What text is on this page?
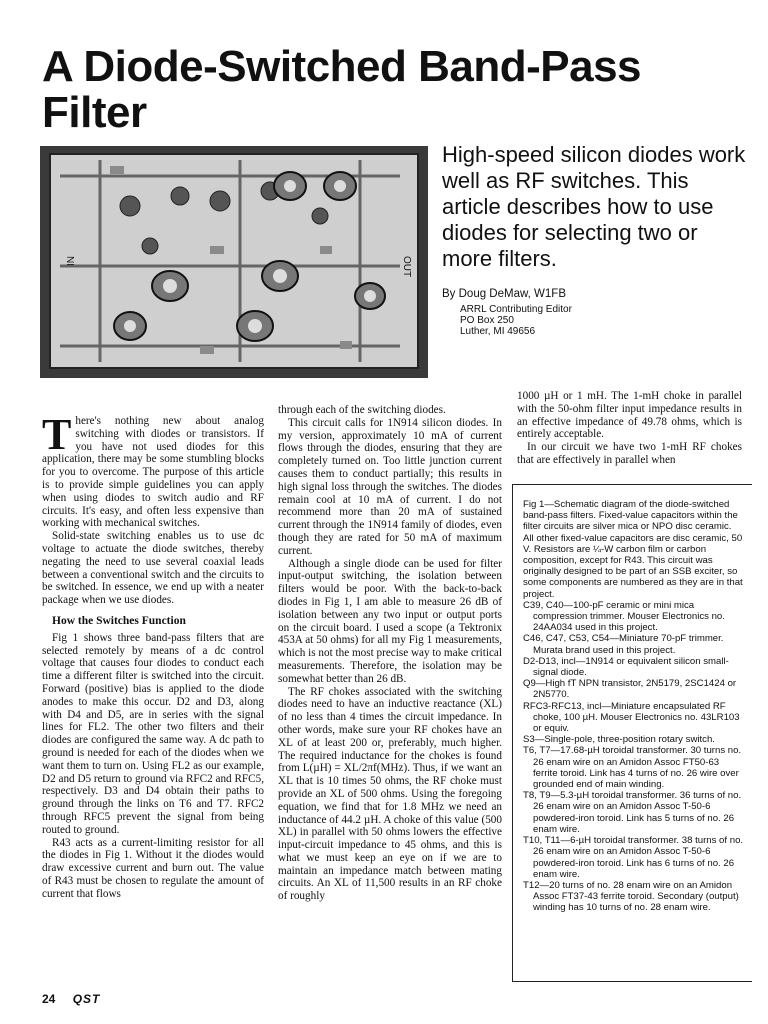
A Diode-Switched Band-Pass Filter
IN	OUT
High-speed silicon diodes work well as RF switches. This article describes how to use diodes for selecting two or more filters.
By Doug DeMaw, W1FB
ARRL Contributing Editor
PO Box 250
Luther, MI 49656

There's nothing new about analog switching with diodes or transistors. If you have not used diodes for this application, there may be some stumbling blocks for you to overcome. The purpose of this article is to provide simple guidelines you can apply when using diodes to switch audio and RF circuits. It's easy, and often less expensive than working with mechanical switches.

Solid-state switching enables us to use dc voltage to actuate the diode switches, thereby negating the need to use several coaxial leads between a conventional switch and the circuits to be switched. In essence, we end up with a neater package when we use diodes.

How the Switches Function

Fig 1 shows three band-pass filters that are selected remotely by means of a dc control voltage that causes four diodes to conduct each time a different filter is switched into the circuit. Forward (positive) bias is applied to the diode anodes to make this occur. D2 and D3, along with D4 and D5, are in series with the signal lines for FL2. The other two filters and their diodes are configured the same way. A dc path to ground is needed for each of the diodes when we want them to turn on. Using FL2 as our example, D2 and D5 return to ground via RFC2 and RFC5, respectively. D3 and D4 obtain their paths to ground through the links on T6 and T7. RFC2 through RFC5 prevent the signal from being routed to ground.

R43 acts as a current-limiting resistor for all the diodes in Fig 1. Without it the diodes would draw excessive current and burn out. The value of R43 must be chosen to regulate the amount of current that flows

through each of the switching diodes.

This circuit calls for 1N914 silicon diodes. In my version, approximately 10 mA of current flows through the diodes, ensuring that they are completely turned on. Too little junction current causes them to conduct partially; this results in high signal loss through the switches. The diodes remain cool at 10 mA of current. I do not recommend more than 20 mA of sustained current through the 1N914 family of diodes, even though they are rated for 50 mA of maximum current.

Although a single diode can be used for filter input-output switching, the isolation between filters would be poor. With the back-to-back diodes in Fig 1, I am able to measure 26 dB of isolation between any two input or output ports on the circuit board. I used a scope (a Tektronix 453A at 50 ohms) for all my Fig 1 measurements, which is not the most precise way to make critical measurements. Therefore, the isolation may be somewhat better than 26 dB.

The RF chokes associated with the switching diodes need to have an inductive reactance (XL) of no less than 4 times the circuit impedance. In other words, make sure your RF chokes have an XL of at least 200 or, preferably, much higher. The required inductance for the chokes is found from L(µH) = XL/2πf(MHz). Thus, if we want an XL that is 10 times 50 ohms, the RF choke must provide an XL of 500 ohms. Using the foregoing equation, we find that for 1.8 MHz we need an inductance of 44.2 µH. A choke of this value (500 XL) in parallel with 50 ohms lowers the effective input-circuit impedance to 45 ohms, and this is what we must keep an eye on if we are to maintain an impedance match between mating circuits. An XL of 11,500 results in an RF choke of roughly

1000 µH or 1 mH. The 1-mH choke in parallel with the 50-ohm filter input impedance results in an effective impedance of 49.78 ohms, which is entirely acceptable.

In our circuit we have two 1-mH RF chokes that are effectively in parallel when

Fig 1—Schematic diagram of the diode-switched band-pass filters. Fixed-value capacitors within the filter circuits are silver mica or NPO disc ceramic. All other fixed-value capacitors are disc ceramic, 50 V. Resistors are ¼-W carbon film or carbon composition, except for R43. This circuit was originally designed to be part of an SSB exciter, so some components are numbered as they are in that project.
C39, C40—100-pF ceramic or mini mica compression trimmer. Mouser Electronics no. 24AA034 used in this project.
C46, C47, C53, C54—Miniature 70-pF trimmer. Murata brand used in this project.
D2-D13, incl—1N914 or equivalent silicon small-signal diode.
Q9—High fT NPN transistor, 2N5179, 2SC1424 or 2N5770.
RFC3-RFC13, incl—Miniature encapsulated RF choke, 100 µH. Mouser Electronics no. 43LR103 or equiv.
S3—Single-pole, three-position rotary switch.
T6, T7—17.68-µH toroidal transformer. 30 turns no. 26 enam wire on an Amidon Assoc FT50-63 ferrite toroid. Link has 4 turns of no. 26 wire over grounded end of main winding.
T8, T9—5.3-µH toroidal transformer. 36 turns of no. 26 enam wire on an Amidon Assoc T-50-6 powdered-iron toroid. Link has 5 turns of no. 26 enam wire.
T10, T11—6-µH toroidal transformer. 38 turns of no. 26 enam wire on an Amidon Assoc T-50-6 powdered-iron toroid. Link has 6 turns of no. 26 enam wire.
T12—20 turns of no. 28 enam wire on an Amidon Assoc FT37-43 ferrite toroid. Secondary (output) winding has 10 turns of no. 28 enam wire.
24 QST
